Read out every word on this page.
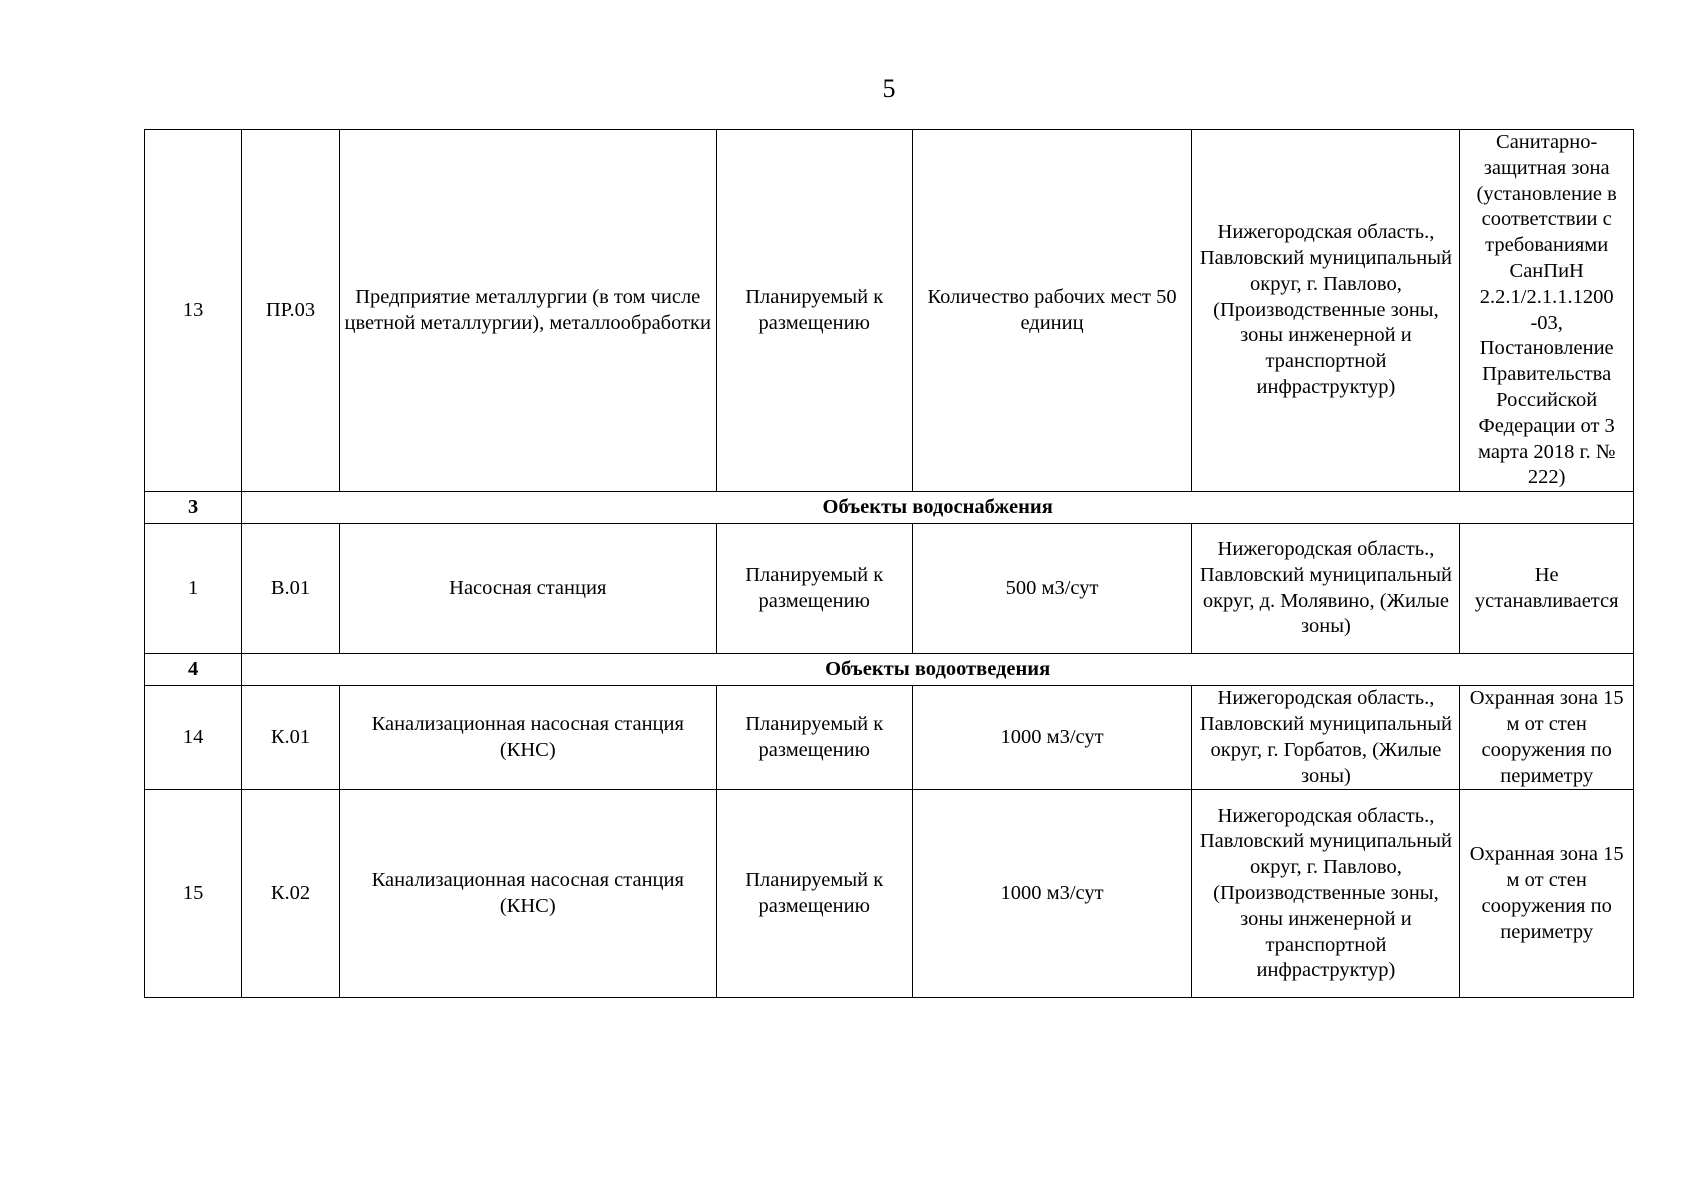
5
13	ПР.03	Предприятие металлургии (в том числе цветной металлургии), металлообработки	Планируемый к размещению	Количество рабочих мест 50 единиц	Нижегородская область., Павловский муниципальный округ, г. Павлово, (Производственные зоны, зоны инженерной и транспортной инфраструктур)	Санитарно-защитная зона (установление в соответствии с требованиями СанПиН 2.2.1/2.1.1.1200 -03, Постановление Правительства Российской Федерации от 3 марта 2018 г. № 222)
3	Объекты водоснабжения					
1	В.01	Насосная станция	Планируемый к размещению	500 м3/сут	Нижегородская область., Павловский муниципальный округ, д. Молявино, (Жилые зоны)	Не устанавливается
4	Объекты водоотведения					
14	К.01	Канализационная насосная станция (КНС)	Планируемый к размещению	1000 м3/сут	Нижегородская область., Павловский муниципальный округ, г. Горбатов, (Жилые зоны)	Охранная зона 15 м от стен сооружения по периметру
15	К.02	Канализационная насосная станция (КНС)	Планируемый к размещению	1000 м3/сут	Нижегородская область., Павловский муниципальный округ, г. Павлово, (Производственные зоны, зоны инженерной и транспортной инфраструктур)	Охранная зона 15 м от стен сооружения по периметру
